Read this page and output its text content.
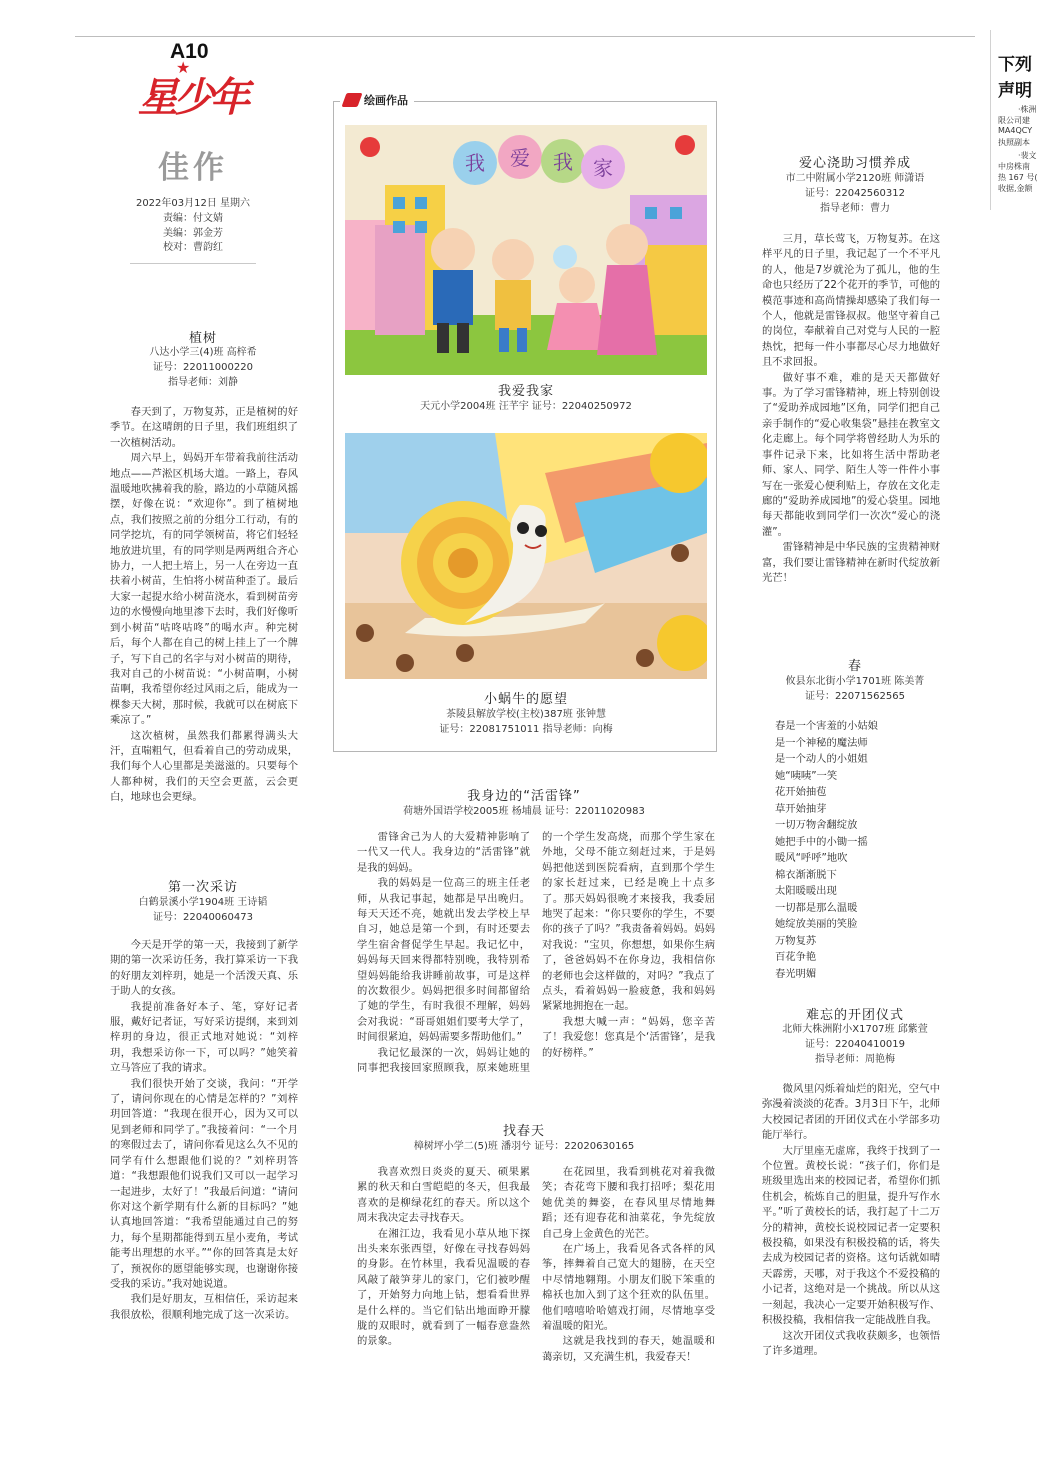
A10
星少年
★
佳作
2022年03月12日 星期六
责编：付文婧
美编：郭金芳
校对：曹韵红
下列
声明
·株洲
限公司建
MA4QCY
执照副本
·裴文
中房株南
热 167 号(
收据,金额
植树
八达小学三(4)班 高梓希
证号：22011000220
指导老师：刘静

春天到了，万物复苏，正是植树的好季节。在这晴朗的日子里，我们班组织了一次植树活动。

周六早上，妈妈开车带着我前往活动地点——芦淞区机场大道。一路上，春风温暖地吹拂着我的脸，路边的小草随风摇摆，好像在说：“欢迎你”。到了植树地点，我们按照之前的分组分工行动，有的同学挖坑，有的同学领树苗，将它们轻轻地放进坑里，有的同学则是两两组合齐心协力，一人把土培上，另一人在旁边一直扶着小树苗，生怕将小树苗种歪了。最后大家一起提水给小树苗浇水，看到树苗旁边的水慢慢向地里渗下去时，我们好像听到小树苗“咕咚咕咚”的喝水声。种完树后，每个人都在自己的树上挂上了一个牌子，写下自己的名字与对小树苗的期待，我对自己的小树苗说：“小树苗啊，小树苗啊，我希望你经过风雨之后，能成为一棵参天大树，那时候，我就可以在树底下乘凉了。”

这次植树，虽然我们都累得满头大汗，直喘粗气，但看着自己的劳动成果，我们每个人心里都是美滋滋的。只要每个人都种树，我们的天空会更蓝，云会更白，地球也会更绿。

第一次采访
白鹤景溪小学1904班 王诗韬
证号：22040060473

今天是开学的第一天，我接到了新学期的第一次采访任务，我打算采访一下我的好朋友刘梓玥，她是一个活泼天真、乐于助人的女孩。

我提前准备好本子、笔，穿好记者服，戴好记者证，写好采访提纲，来到刘梓玥的身边，很正式地对她说：“刘梓玥，我想采访你一下，可以吗？”她笑着立马答应了我的请求。

我们很快开始了交谈，我问：“开学了，请问你现在的心情是怎样的？”刘梓玥回答道：“我现在很开心，因为又可以见到老师和同学了。”我接着问：“一个月的寒假过去了，请问你看见这么久不见的同学有什么想跟他们说的？”刘梓玥答道：“我想跟他们说我们又可以一起学习一起进步，太好了！”我最后问道：“请问你对这个新学期有什么新的目标吗？”她认真地回答道：“我希望能通过自己的努力，每个星期都能得到五星小麦角，考试能考出理想的水平。”“你的回答真是太好了，预祝你的愿望能够实现，也谢谢你接受我的采访。”我对她说道。

我们是好朋友，互相信任，采访起来我很放松，很顺利地完成了这一次采访。

绘画作品
我 爱 我 家
我爱我家
天元小学2004班 汪芊宇 证号：22040250972
小蜗牛的愿望
茶陵县解放学校(主校)387班 张钟慧
证号：22081751011 指导老师：向梅
我身边的“活雷锋”
荷塘外国语学校2005班 杨埔晨 证号：22011020983

雷锋舍己为人的大爱精神影响了一代又一代人。我身边的“活雷锋”就是我的妈妈。

我的妈妈是一位高三的班主任老师，从我记事起，她都是早出晚归。每天天还不亮，她就出发去学校上早自习，她总是第一个到，有时还要去学生宿舍督促学生早起。我记忆中，妈妈每天回来得都特别晚，我特别希望妈妈能给我讲睡前故事，可是这样的次数很少。妈妈把很多时间都留给了她的学生，有时我很不理解，妈妈会对我说：“哥哥姐姐们要考大学了，时间很紧迫，妈妈需要多帮助他们。”

我记忆最深的一次，妈妈让她的同事把我接回家照顾我，原来她班里的一个学生发高烧，而那个学生家在外地，父母不能立刻赶过来，于是妈妈把他送到医院看病，直到那个学生的家长赶过来，已经是晚上十点多了。那天妈妈很晚才来接我，我委屈地哭了起来：“你只要你的学生，不要你的孩子了吗？”我责备着妈妈。妈妈对我说：“宝贝，你想想，如果你生病了，爸爸妈妈不在你身边，我相信你的老师也会这样做的，对吗？”我点了点头，看着妈妈一脸疲惫，我和妈妈紧紧地拥抱在一起。

我想大喊一声：“妈妈，您辛苦了！我爱您！您真是个‘活雷锋’，是我的好榜样。”

找春天
樟树坪小学二(5)班 潘羽兮 证号：22020630165

我喜欢烈日炎炎的夏天、硕果累累的秋天和白雪皑皑的冬天，但我最喜欢的是柳绿花红的春天。所以这个周末我决定去寻找春天。

在湘江边，我看见小草从地下探出头来东张西望，好像在寻找春妈妈的身影。在竹林里，我看见温暖的春风敲了敲笋芽儿的家门，它们被吵醒了，开始努力向地上钻，想看看世界是什么样的。当它们钻出地面睁开朦胧的双眼时，就看到了一幅春意盎然的景象。

在花园里，我看到桃花对着我微笑；杏花弯下腰和我打招呼；梨花用她优美的舞姿，在春风里尽情地舞蹈；还有迎春花和油菜花，争先绽放自己身上金黄色的光芒。

在广场上，我看见各式各样的风筝，摔舞着自己宽大的翅膀，在天空中尽情地翱翔。小朋友们脱下笨重的棉袄也加入到了这个狂欢的队伍里。他们嘻嘻哈哈嬉戏打闹，尽情地享受着温暖的阳光。

这就是我找到的春天，她温暖和蔼亲切，又充满生机，我爱春天！

爱心浇助习惯养成
市二中附属小学2120班 师潇语
证号：22042560312
指导老师：曹力

三月，草长莺飞，万物复苏。在这样平凡的日子里，我记起了一个不平凡的人，他是7岁就沦为了孤儿，他的生命也只经历了22个花开的季节，可他的模范事迹和高尚情操却感染了我们每一个人，他就是雷锋叔叔。他坚守着自己的岗位，奉献着自己对党与人民的一腔热忱，把每一件小事都尽心尽力地做好且不求回报。

做好事不难，难的是天天都做好事。为了学习雷锋精神，班上特别创设了“爱助养成园地”区角，同学们把自己亲手制作的“爱心收集袋”悬挂在教室文化走廊上。每个同学将曾经助人为乐的事件记录下来，比如将生活中帮助老师、家人、同学、陌生人等一件件小事写在一张爱心便利贴上，存放在文化走廊的“爱助养成园地”的爱心袋里。园地每天都能收到同学们一次次“爱心的浇灌”。

雷锋精神是中华民族的宝贵精神财富，我们要让雷锋精神在新时代绽放新光芒！

春
攸县东北街小学1701班 陈美菁
证号：22071562565
春是一个害羞的小姑娘
是一个神秘的魔法师
是一个动人的小姐姐
她“咦咦”一笑
花开始抽苞
草开始抽芽
一切万物舍翻绽放
她把手中的小锄一摇
暖风“呼呼”地吹
棉衣渐渐脱下
太阳暖暖出现
一切都是那么温暖
她绽放美丽的笑脸
万物复苏
百花争艳
春光明媚
难忘的开团仪式
北师大株洲附小X1707班 邱紫萱
证号：22040410019
指导老师：周艳梅

微风里闪烁着灿烂的阳光，空气中弥漫着淡淡的花香。3月3日下午，北师大校园记者团的开团仪式在小学部多功能厅举行。

大厅里座无虚席，我终于找到了一个位置。黄校长说：“孩子们，你们是班级里选出来的校园记者，希望你们抓住机会，梳炼自己的胆量，提升写作水平。”听了黄校长的话，我打起了十二万分的精神，黄校长说校园记者一定要积极投稿，如果没有积极投稿的话，将失去成为校园记者的资格。这句话就如晴天霹雳，天哪，对于我这个不爱投稿的小记者，这绝对是一个挑战。所以从这一刻起，我决心一定要开始积极写作、积极投稿，我相信我一定能战胜自我。

这次开团仪式我收获颇多，也领悟了许多道理。
